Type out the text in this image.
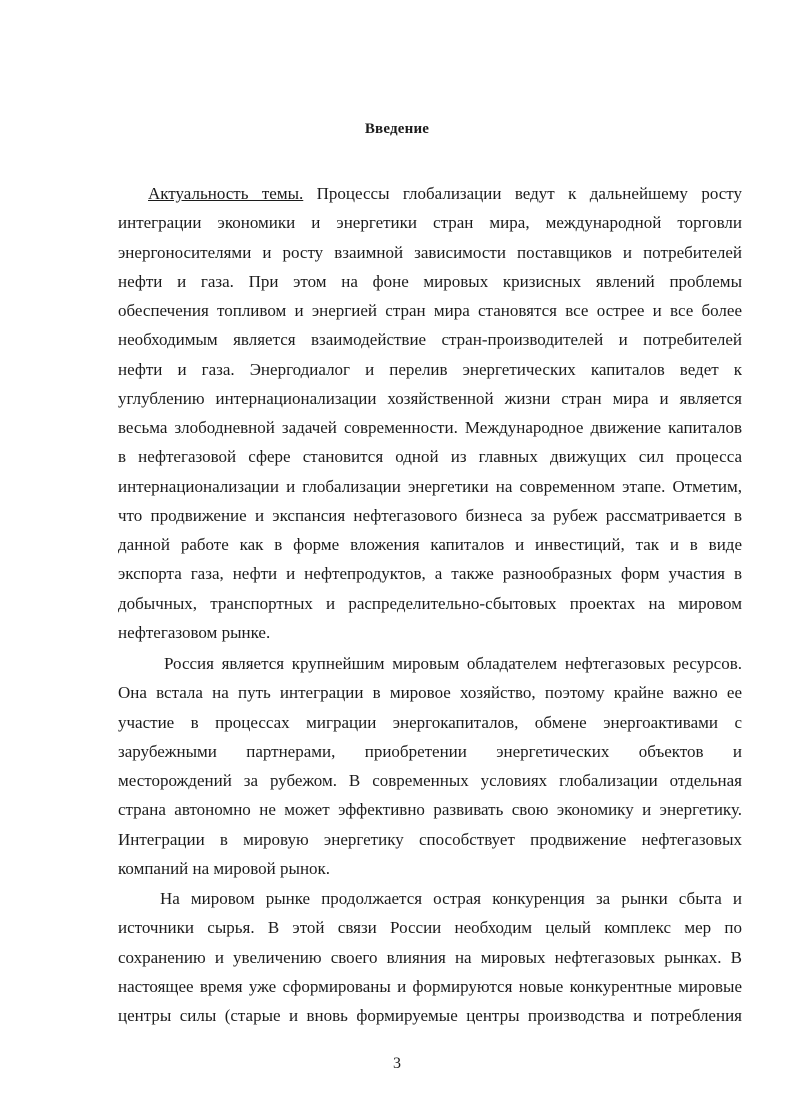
Введение
Актуальность темы. Процессы глобализации ведут к дальнейшему росту
интеграции экономики и энергетики стран мира, международной торговли
энергоносителями и росту взаимной зависимости поставщиков и потребителей
нефти и газа. При этом на фоне мировых кризисных явлений проблемы
обеспечения топливом и энергией стран мира становятся все острее и все более
необходимым является взаимодействие стран-производителей и потребителей
нефти и газа. Энергодиалог и перелив энергетических капиталов ведет к
углублению интернационализации хозяйственной жизни стран мира и является
весьма злободневной задачей современности. Международное движение капиталов
в нефтегазовой сфере становится одной из главных движущих сил процесса
интернационализации и глобализации энергетики на современном этапе. Отметим,
что продвижение и экспансия нефтегазового бизнеса за рубеж рассматривается в
данной работе как в форме вложения капиталов и инвестиций, так и в виде
экспорта газа, нефти и нефтепродуктов, а также разнообразных форм участия в
добычных, транспортных и распределительно-сбытовых проектах на мировом
нефтегазовом рынке.
Россия является крупнейшим мировым обладателем нефтегазовых ресурсов.
Она встала на путь интеграции в мировое хозяйство, поэтому крайне важно ее
участие в процессах миграции энергокапиталов, обмене энергоактивами с
зарубежными партнерами, приобретении энергетических объектов и
месторождений за рубежом. В современных условиях глобализации отдельная
страна автономно не может эффективно развивать свою экономику и энергетику.
Интеграции в мировую энергетику способствует продвижение нефтегазовых
компаний на мировой рынок.
На мировом рынке продолжается острая конкуренция за рынки сбыта и
источники сырья. В этой связи России необходим целый комплекс мер по
сохранению и увеличению своего влияния на мировых нефтегазовых рынках. В
настоящее время уже сформированы и формируются новые конкурентные мировые
центры силы (старые и вновь формируемые центры производства и потребления
3
